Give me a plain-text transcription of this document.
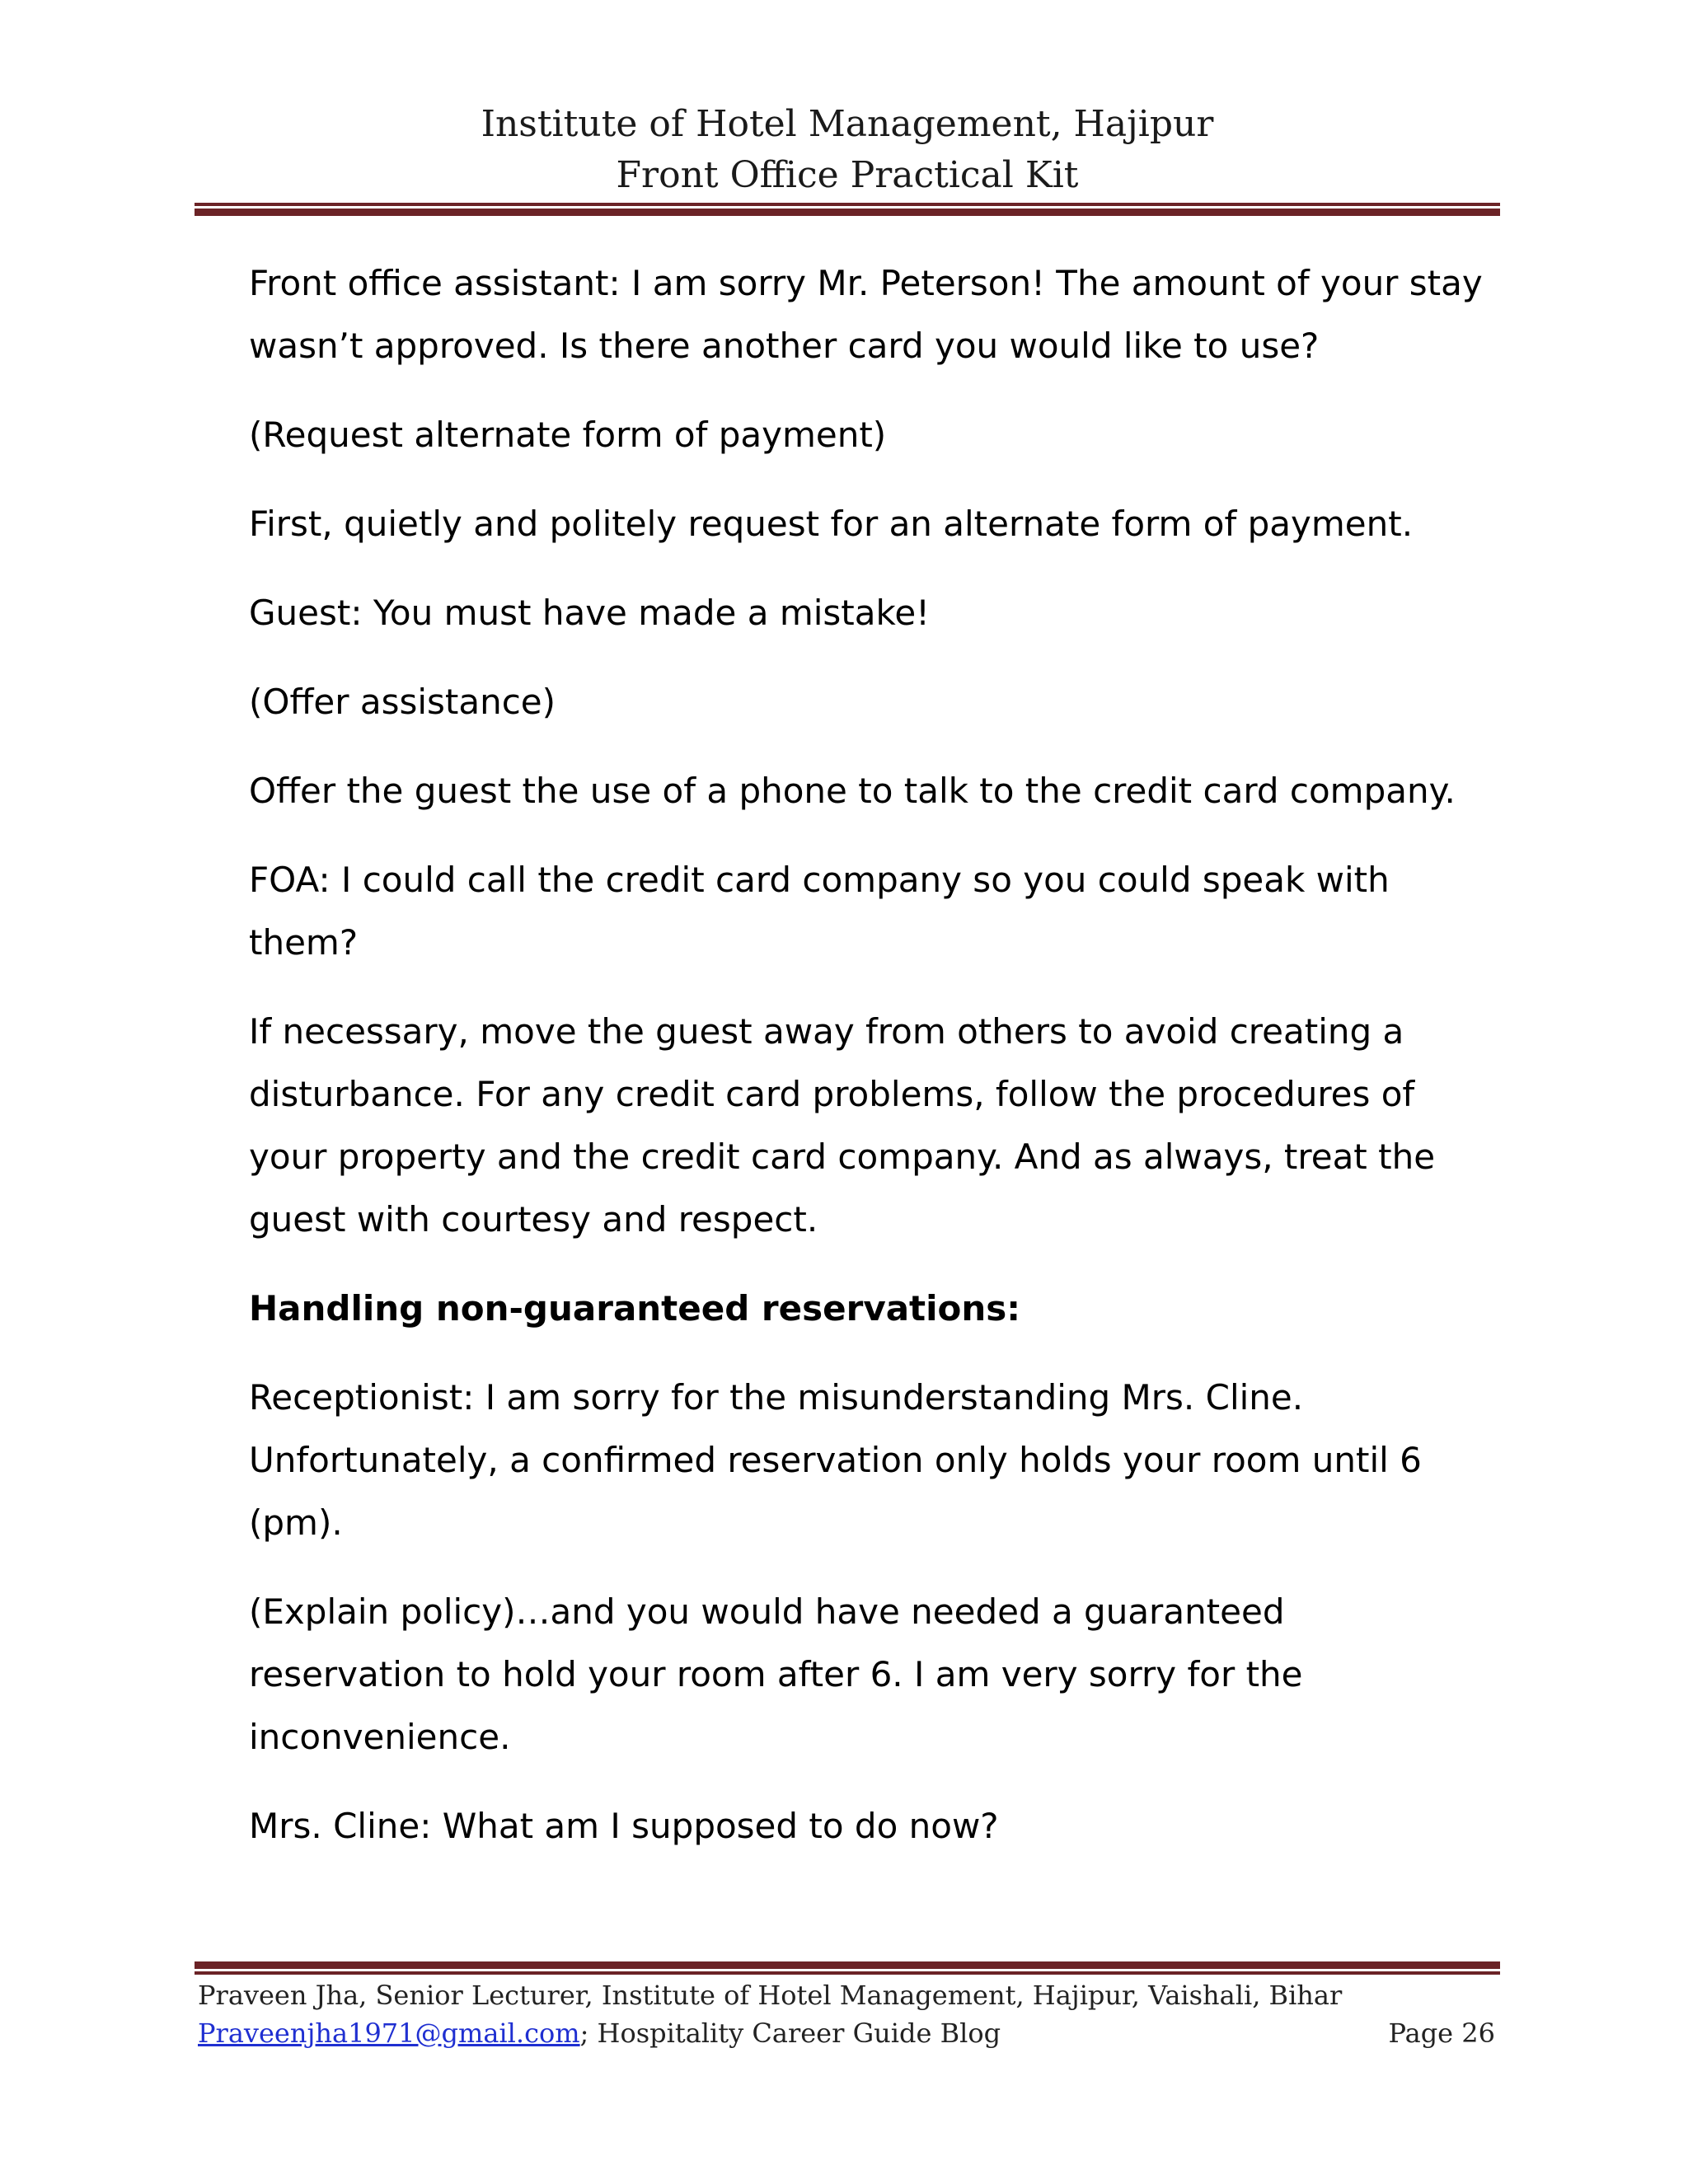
Institute of Hotel Management, Hajipur
Front Office Practical Kit

Front office assistant: I am sorry Mr. Peterson! The amount of your stay wasn’t approved. Is there another card you would like to use?

(Request alternate form of payment)

First, quietly and politely request for an alternate form of payment.

Guest: You must have made a mistake!

(Offer assistance)

Offer the guest the use of a phone to talk to the credit card company.

FOA: I could call the credit card company so you could speak with them?

If necessary, move the guest away from others to avoid creating a disturbance. For any credit card problems, follow the procedures of your property and the credit card company. And as always, treat the guest with courtesy and respect.

Handling non-guaranteed reservations:

Receptionist: I am sorry for the misunderstanding Mrs. Cline. Unfortunately, a confirmed reservation only holds your room until 6 (pm).

(Explain policy)…and you would have needed a guaranteed reservation to hold your room after 6. I am very sorry for the inconvenience.

Mrs. Cline: What am I supposed to do now?

Praveen Jha, Senior Lecturer, Institute of Hotel Management, Hajipur, Vaishali, Bihar
Praveenjha1971@gmail.com; Hospitality Career Guide Blog	Page 26
